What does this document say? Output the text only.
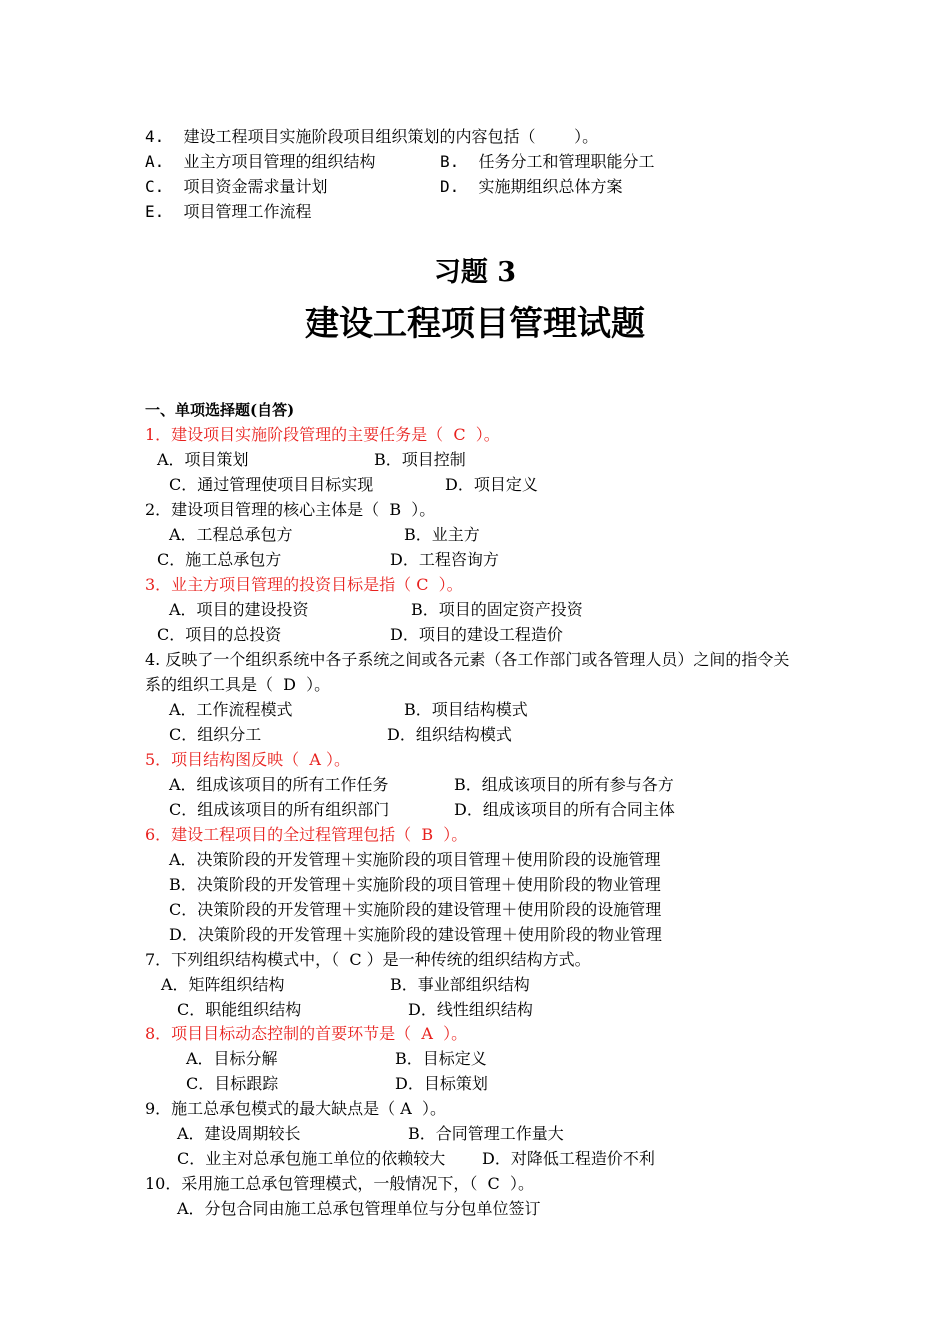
4.  建设工程项目实施阶段项目组织策划的内容包括（    ）。
A.  业主方项目管理的组织结构	B.  任务分工和管理职能分工
C.  项目资金需求量计划	D.  实施期组织总体方案
E.  项目管理工作流程
习题 3
建设工程项目管理试题
一、单项选择题(自答)
1．建设项目实施阶段管理的主要任务是（  C  ）。
A．项目策划	B．项目控制
C．通过管理使项目目标实现	D．项目定义
2．建设项目管理的核心主体是（  B  ）。
A．工程总承包方	B．业主方
C．施工总承包方	D．工程咨询方
3．业主方项目管理的投资目标是指（ C  ）。
A．项目的建设投资	B．项目的固定资产投资
C．项目的总投资	D．项目的建设工程造价
4. 反映了一个组织系统中各子系统之间或各元素（各工作部门或各管理人员）之间的指令关
系的组织工具是（  D  ）。
A．工作流程模式	B．项目结构模式
C．组织分工	D．组织结构模式
5．项目结构图反映（  A ）。
A．组成该项目的所有工作任务	B．组成该项目的所有参与各方
C．组成该项目的所有组织部门	D．组成该项目的所有合同主体
6．建设工程项目的全过程管理包括（  B  ）。
A．决策阶段的开发管理＋实施阶段的项目管理＋使用阶段的设施管理
B．决策阶段的开发管理＋实施阶段的项目管理＋使用阶段的物业管理
C．决策阶段的开发管理＋实施阶段的建设管理＋使用阶段的设施管理
D．决策阶段的开发管理＋实施阶段的建设管理＋使用阶段的物业管理
7．下列组织结构模式中，（  C ）是一种传统的组织结构方式。
A．矩阵组织结构	B．事业部组织结构
C．职能组织结构	D．线性组织结构
8．项目目标动态控制的首要环节是（  A  ）。
A．目标分解	B．目标定义
C．目标跟踪	D．目标策划
9．施工总承包模式的最大缺点是（ A  ）。
A．建设周期较长	B．合同管理工作量大
C．业主对总承包施工单位的依赖较大 D．对降低工程造价不利
10．采用施工总承包管理模式，一般情况下，（  C  ）。
A．分包合同由施工总承包管理单位与分包单位签订
